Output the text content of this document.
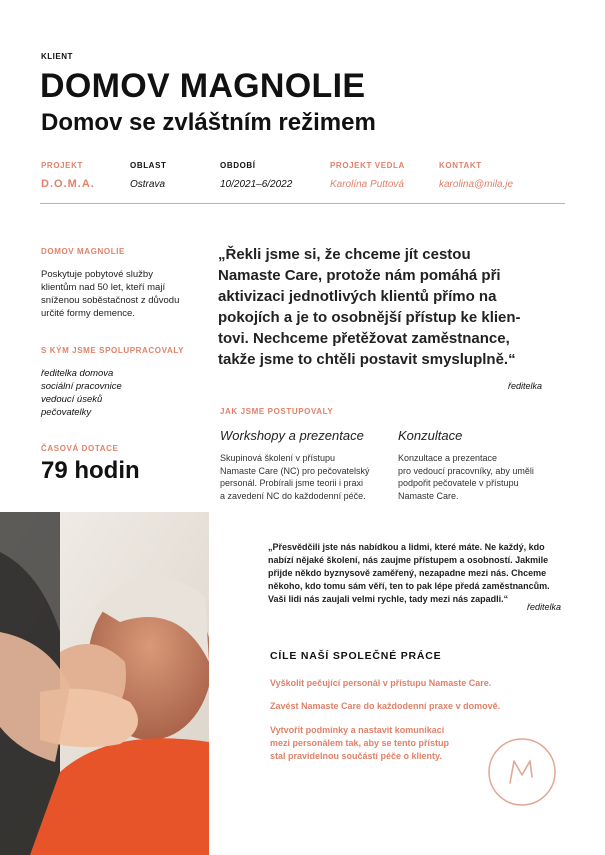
KLIENT
DOMOV MAGNOLIE
Domov se zvláštním režimem
PROJEKT
D.O.M.A.
OBLAST
Ostrava
OBDOBÍ
10/2021–6/2022
PROJEKT VEDLA
Karolína Puttová
KONTAKT
karolina@mila.je
DOMOV MAGNOLIE
Poskytuje pobytové služby
klientům nad 50 let, kteří mají
sníženou soběstačnost z důvodu
určité formy demence.
S KÝM JSME SPOLUPRACOVALY
ředitelka domova
sociální pracovnice
vedoucí úseků
pečovatelky
ČASOVÁ DOTACE
79 hodin
„Řekli jsme si, že chceme jít cestou
Namaste Care, protože nám pomáhá při
aktivizaci jednotlivých klientů přímo na
pokojích a je to osobnější přístup ke klien-
tovi. Nechceme přetěžovat zaměstnance,
takže jsme to chtěli postavit smysluplně.“
ředitelka
JAK JSME POSTUPOVALY
Workshopy a prezentace
Skupinová školení v přístupu
Namaste Care (NC) pro pečovatelský
personál. Probírali jsme teorii i praxi
a zavedení NC do každodenní péče.
Konzultace
Konzultace a prezentace
pro vedoucí pracovníky, aby uměli
podpořit pečovatele v přístupu
Namaste Care.
„Přesvědčili jste nás nabídkou a lidmi, které máte. Ne každý, kdo
nabízí nějaké školení, nás zaujme přístupem a osobností. Jakmile
přijde někdo byznysově zaměřený, nezapadne mezi nás. Chceme
někoho, kdo tomu sám věří, ten to pak lépe předá zaměstnancům.
Vaši lidi nás zaujali velmi rychle, tady mezi nás zapadli.“
ředitelka
CÍLE NAŠÍ SPOLEČNÉ PRÁCE
Vyškolit pečující personál v přístupu Namaste Care.
Zavést Namaste Care do každodenní praxe v domově.
Vytvořit podmínky a nastavit komunikaci
mezi personálem tak, aby se tento přístup
stal pravidelnou součástí péče o klienty.
